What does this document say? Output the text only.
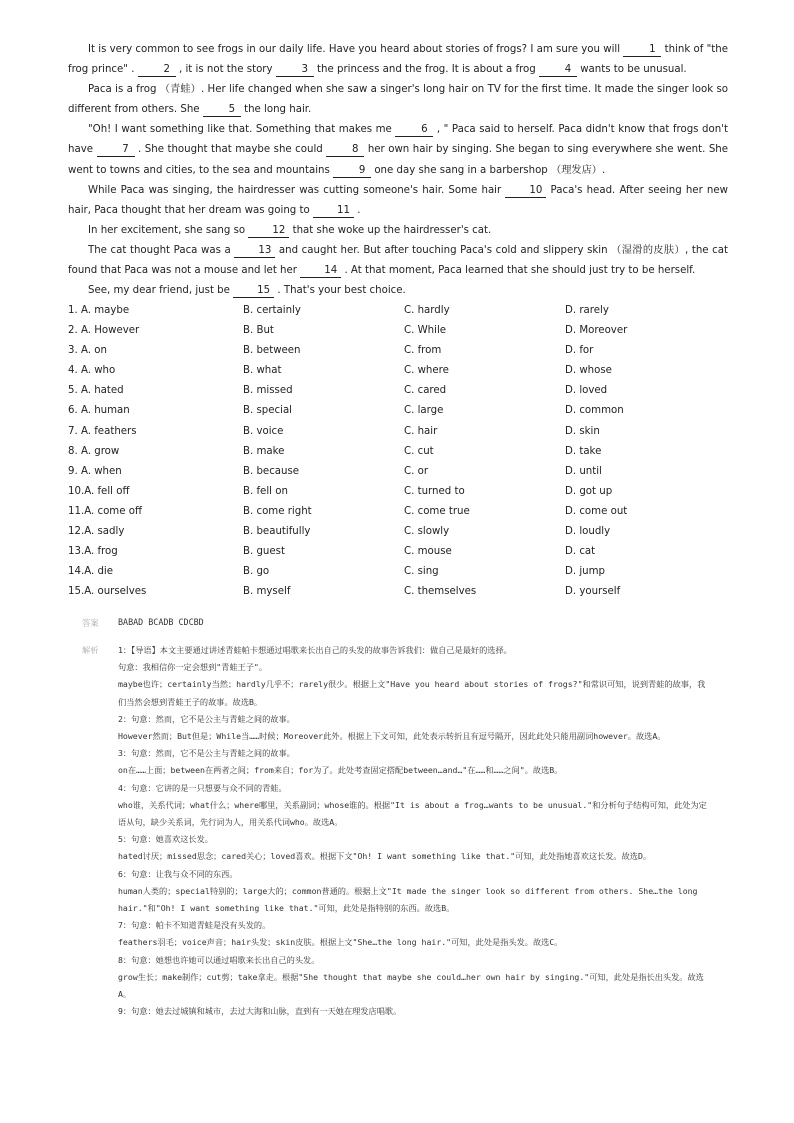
It is very common to see frogs in our daily life. Have you heard about stories of frogs? I am sure you will	1 think of "the frog prince" .	2 , it is not the story	3 the princess and the frog. It is about a frog	4 wants to be unusual.

Paca is a frog （青蛙）. Her life changed when she saw a singer's long hair on TV for the first time. It made the singer look so different from others. She	5 the long hair.

"Oh! I want something like that. Something that makes me	6 , " Paca said to herself. Paca didn't know that frogs don't have	7 . She thought that maybe she could	8 her own hair by singing. She began to sing everywhere she went. She went to towns and cities, to the sea and mountains	9 one day she sang in a barbershop （理发店）.

While Paca was singing, the hairdresser was cutting someone's hair. Some hair	10 Paca's head. After seeing her new hair, Paca thought that her dream was going to	11 .

In her excitement, she sang so	12 that she woke up the hairdresser's cat.

The cat thought Paca was a	13 and caught her. But after touching Paca's cold and slippery skin （湿滑的皮肤）, the cat found that Paca was not a mouse and let her	14 . At that moment, Paca learned that she should just try to be herself.

See, my dear friend, just be	15 . That's your best choice.

1. A. maybe	B. certainly	C. hardly	D. rarely
2. A. However	B. But	C. While	D. Moreover
3. A. on	B. between	C. from	D. for
4. A. who	B. what	C. where	D. whose
5. A. hated	B. missed	C. cared	D. loved
6. A. human	B. special	C. large	D. common
7. A. feathers	B. voice	C. hair	D. skin
8. A. grow	B. make	C. cut	D. take
9. A. when	B. because	C. or	D. until
10.A. fell off	B. fell on	C. turned to	D. got up
11.A. come off	B. come right	C. come true	D. come out
12.A. sadly	B. beautifully	C. slowly	D. loudly
13.A. frog	B. guest	C. mouse	D. cat
14.A. die	B. go	C. sing	D. jump
15.A. ourselves	B. myself	C. themselves	D. yourself
答案 BABAD BCADB CDCBD
解析 1：【导语】本文主要通过讲述青蛙帕卡想通过唱歌来长出自己的头发的故事告诉我们：做自己是最好的选择。
句意：我相信你一定会想到"青蛙王子"。
maybe也许；certainly当然；hardly几乎不；rarely很少。根据上文"Have you heard about stories of frogs?"和常识可知，说到青蛙的故事，我们当然会想到青蛙王子的故事。故选B。
2：句意：然而，它不是公主与青蛙之间的故事。
However然而；But但是；While当……时候；Moreover此外。根据上下文可知，此处表示转折且有逗号隔开，因此此处只能用副词however。故选A。
3：句意：然而，它不是公主与青蛙之间的故事。
on在……上面；between在两者之间；from来自；for为了。此处考查固定搭配between…and…"在……和……之间"。故选B。
4：句意：它讲的是一只想要与众不同的青蛙。
who谁，关系代词；what什么；where哪里，关系副词；whose谁的。根据"It is about a frog…wants to be unusual."和分析句子结构可知，此处为定语从句，缺少关系词，先行词为人，用关系代词who。故选A。
5：句意：她喜欢这长发。
hated讨厌；missed思念；cared关心；loved喜欢。根据下文"Oh! I want something like that."可知，此处指她喜欢这长发。故选D。
6：句意：让我与众不同的东西。
human人类的；special特别的；large大的；common普通的。根据上文"It made the singer look so different from others. She…the long hair."和"Oh! I want something like that."可知，此处是指特别的东西。故选B。
7：句意：帕卡不知道青蛙是没有头发的。
feathers羽毛；voice声音；hair头发；skin皮肤。根据上文"She…the long hair."可知，此处是指头发。故选C。
8：句意：她想也许她可以通过唱歌来长出自己的头发。
grow生长；make制作；cut剪；take拿走。根据"She thought that maybe she could…her own hair by singing."可知，此处是指长出头发。故选A。
9：句意：她去过城镇和城市，去过大海和山脉，直到有一天她在理发店唱歌。
